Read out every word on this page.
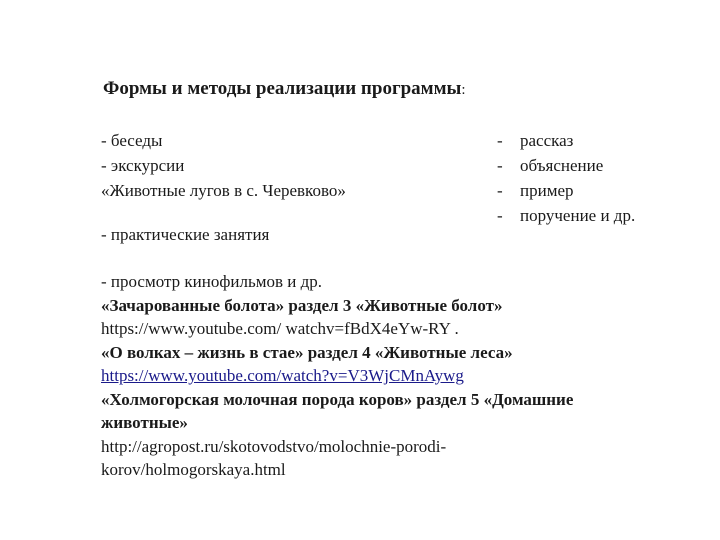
Формы и методы реализации программы:
- беседы
- экскурсии
«Животные лугов в с. Черевково»
-	рассказ
-	объяснение
-	пример
-	поручение и др.
- практические занятия
- просмотр кинофильмов и др.
«Зачарованные болота» раздел 3 «Животные болот»
https://www.youtube.com/ watchv=fBdX4eYw-RY .
«О волках – жизнь в стае» раздел 4 «Животные леса»
https://www.youtube.com/watch?v=V3WjCMnAywg
«Холмогорская молочная порода коров» раздел 5 «Домашние
животные»
http://agropost.ru/skotovodstvo/molochnie-porodi-
korov/holmogorskaya.html
